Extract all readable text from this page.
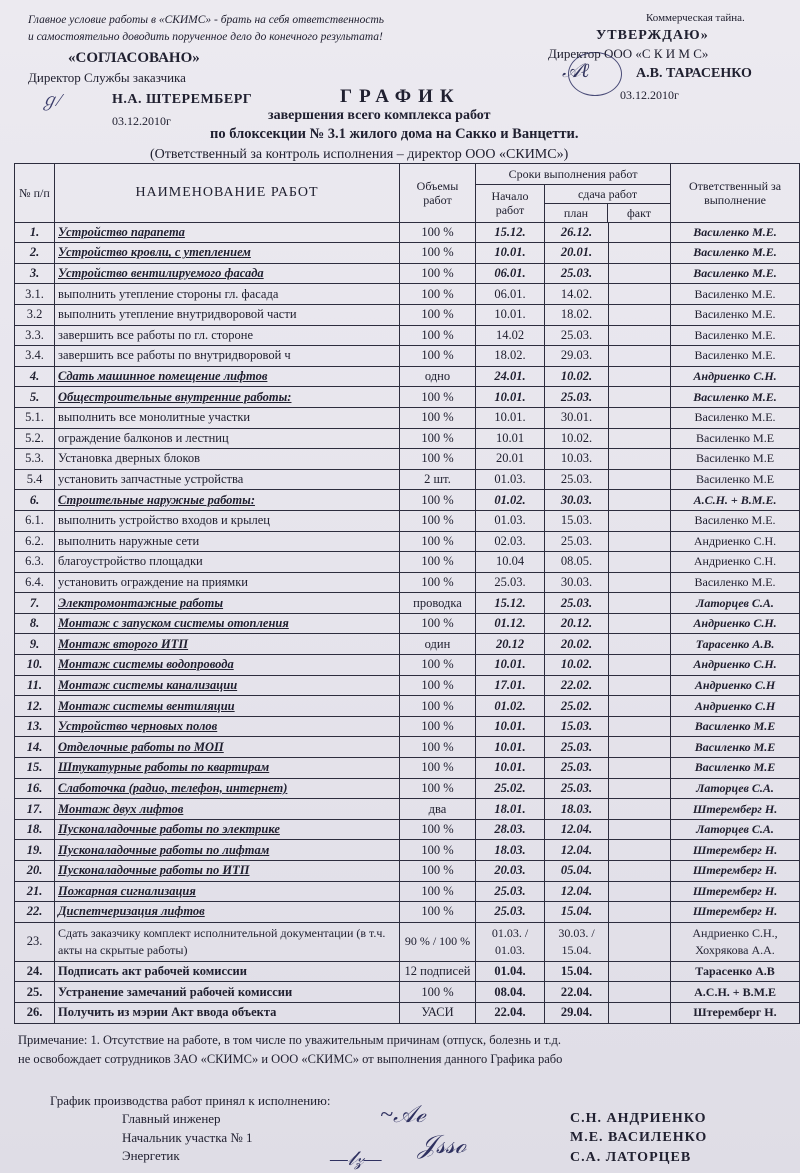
Главное условие работы в «СКИМС» - брать на себя ответственность
и самостоятельно доводить порученное дело до конечного результата!
«СОГЛАСОВАНО»
Директор Службы заказчика
ℊ⁄	Н.А. ШТЕРЕМБЕРГ
03.12.2010г
Коммерческая тайна.
УТВЕРЖДАЮ»
𝒜ℓ
Директор ООО «С К И М С»
А.В. ТАРАСЕНКО
03.12.2010г
ГРАФИК
завершения всего комплекса работ
по блоксекции № 3.1 жилого дома на Сакко и Ванцетти.
(Ответственный за контроль исполнения – директор ООО «СКИМС»)
№ п/п	НАИМЕНОВАНИЕ РАБОТ	Объемы работ	Сроки выполнения работ			Ответственный за выполнение
			Начало работ	сдача работ
план факт		

1.	Устройство парапета	100 %	15.12.	26.12.		Василенко М.Е.
2.	Устройство кровли, с утеплением	100 %	10.01.	20.01.		Василенко М.Е.
3.	Устройство вентилируемого фасада	100 %	06.01.	25.03.		Василенко М.Е.
3.1.	выполнить утепление стороны гл. фасада	100 %	06.01.	14.02.		Василенко М.Е.
3.2	выполнить утепление внутридворовой части	100 %	10.01.	18.02.		Василенко М.Е.
3.3.	завершить все работы по гл. стороне	100 %	14.02	25.03.		Василенко М.Е.
3.4.	завершить все работы по внутридворовой ч	100 %	18.02.	29.03.		Василенко М.Е.
4.	Сдать машинное помещение лифтов	одно	24.01.	10.02.		Андриенко С.Н.
5.	Общестроительные внутренние работы:	100 %	10.01.	25.03.		Василенко М.Е.
5.1.	выполнить все монолитные участки	100 %	10.01.	30.01.		Василенко М.Е.
5.2.	ограждение балконов и лестниц	100 %	10.01	10.02.		Василенко М.Е
5.3.	Установка дверных блоков	100 %	20.01	10.03.		Василенко М.Е
5.4	установить запчастные устройства	2 шт.	01.03.	25.03.		Василенко М.Е
6.	Строительные наружные работы:	100 %	01.02.	30.03.		А.С.Н. + В.М.Е.
6.1.	выполнить устройство входов и крылец	100 %	01.03.	15.03.		Василенко М.Е.
6.2.	выполнить наружные сети	100 %	02.03.	25.03.		Андриенко С.Н.
6.3.	благоустройство площадки	100 %	10.04	08.05.		Андриенко С.Н.
6.4.	установить ограждение на приямки	100 %	25.03.	30.03.		Василенко М.Е.
7.	Электромонтажные работы	проводка	15.12.	25.03.		Латорцев С.А.
8.	Монтаж с запуском системы отопления	100 %	01.12.	20.12.		Андриенко С.Н.
9.	Монтаж второго ИТП	один	20.12	20.02.		Тарасенко А.В.
10.	Монтаж системы водопровода	100 %	10.01.	10.02.		Андриенко С.Н.
11.	Монтаж системы канализации	100 %	17.01.	22.02.		Андриенко С.Н
12.	Монтаж системы вентиляции	100 %	01.02.	25.02.		Андриенко С.Н
13.	Устройство черновых полов	100 %	10.01.	15.03.		Василенко М.Е
14.	Отделочные работы по МОП	100 %	10.01.	25.03.		Василенко М.Е
15.	Штукатурные работы по квартирам	100 %	10.01.	25.03.		Василенко М.Е
16.	Слаботочка (радио, телефон, интернет)	100 %	25.02.	25.03.		Латорцев С.А.
17.	Монтаж двух лифтов	два	18.01.	18.03.		Штеремберг Н.
18.	Пусконаладочные работы по электрике	100 %	28.03.	12.04.		Латорцев С.А.
19.	Пусконаладочные работы по лифтам	100 %	18.03.	12.04.		Штеремберг Н.
20.	Пусконаладочные работы по ИТП	100 %	20.03.	05.04.		Штеремберг Н.
21.	Пожарная сигнализация	100 %	25.03.	12.04.		Штеремберг Н.
22.	Диспетчеризация лифтов	100 %	25.03.	15.04.		Штеремберг Н.
23.	Сдать заказчику комплект исполнительной документации (в т.ч. акты на скрытые работы)	90 % / 100 %	01.03. / 01.03.	30.03. / 15.04.		Андриенко С.Н., Хохрякова А.А.
24.	Подписать акт рабочей комиссии	12 подписей	01.04.	15.04.		Тарасенко А.В
25.	Устранение замечаний рабочей комиссии	100 %	08.04.	22.04.		А.С.Н. + В.М.Е
26.	Получить из мэрии Акт ввода объекта	УАСИ	22.04.	29.04.		Штеремберг Н.
Примечание: 1. Отсутствие на работе, в том числе по уважительным причинам (отпуск, болезнь и т.д.
не освобождает сотрудников ЗАО «СКИМС» и ООО «СКИМС» от выполнения данного Графика рабо
График производства работ принял к исполнению:
Главный инженер
Начальник участка № 1
Энергетик
~𝒜ℯ
𝒥𝓈𝓈ℴ
—𝓁𝓏—
С.Н. АНДРИЕНКО
М.Е. ВАСИЛЕНКО
С.А. ЛАТОРЦЕВ
